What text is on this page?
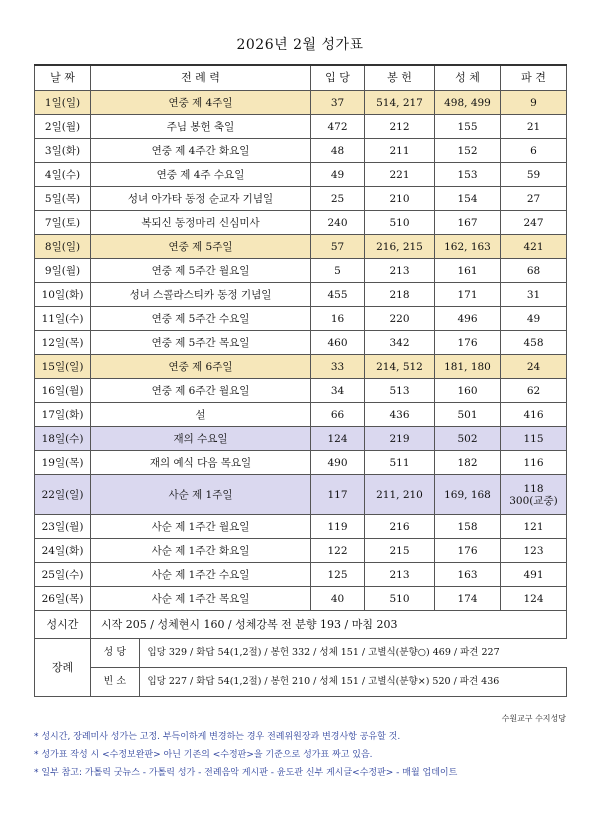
2026년 2월 성가표
날 짜	전 례 력	입 당	봉 헌	성 체	파 견
1일(일)	연중 제 4주일	37	514, 217	498, 499	9
2일(월)	주님 봉헌 축일	472	212	155	21
3일(화)	연중 제 4주간 화요일	48	211	152	6
4일(수)	연중 제 4주 수요일	49	221	153	59
5일(목)	성녀 아가타 동정 순교자 기념일	25	210	154	27
7일(토)	복되신 동정마리 신심미사	240	510	167	247
8일(일)	연중 제 5주일	57	216, 215	162, 163	421
9일(월)	연중 제 5주간 월요일	5	213	161	68
10일(화)	성녀 스콜라스티카 동정 기념일	455	218	171	31
11일(수)	연중 제 5주간 수요일	16	220	496	49
12일(목)	연중 제 5주간 목요일	460	342	176	458
15일(일)	연중 제 6주일	33	214, 512	181, 180	24
16일(월)	연중 제 6주간 월요일	34	513	160	62
17일(화)	설	66	436	501	416
18일(수)	재의 수요일	124	219	502	115
19일(목)	재의 예식 다음 목요일	490	511	182	116
22일(일)	사순 제 1주일	117	211, 210	169, 168	118
300(교중)

23일(월)	사순 제 1주간 월요일	119	216	158	121
24일(화)	사순 제 1주간 화요일	122	215	176	123
25일(수)	사순 제 1주간 수요일	125	213	163	491
26일(목)	사순 제 1주간 목요일	40	510	174	124
성시간	시작 205 / 성체현시 160 / 성체강복 전 분향 193 / 마침 203
장례	
성 당	입당 329 / 화답 54(1,2절) / 봉헌 332 / 성체 151 / 고별식(분향○) 469 / 파견 227

빈 소	입당 227 / 화답 54(1,2절) / 봉헌 210 / 성체 151 / 고별식(분향×) 520 / 파견 436
수원교구 수지성당
* 성시간, 장례미사 성가는 고정. 부득이하게 변경하는 경우 전례위원장과 변경사항 공유할 것.
* 성가표 작성 시 <수정보완판> 아닌 기존의 <수정판>을 기준으로 성가표 짜고 있음.
* 일부 참고: 가톨릭 굿뉴스 - 가톨릭 성가 - 전례음악 게시판 - 윤도관 신부 게시글<수정판> - 매월 업데이트
